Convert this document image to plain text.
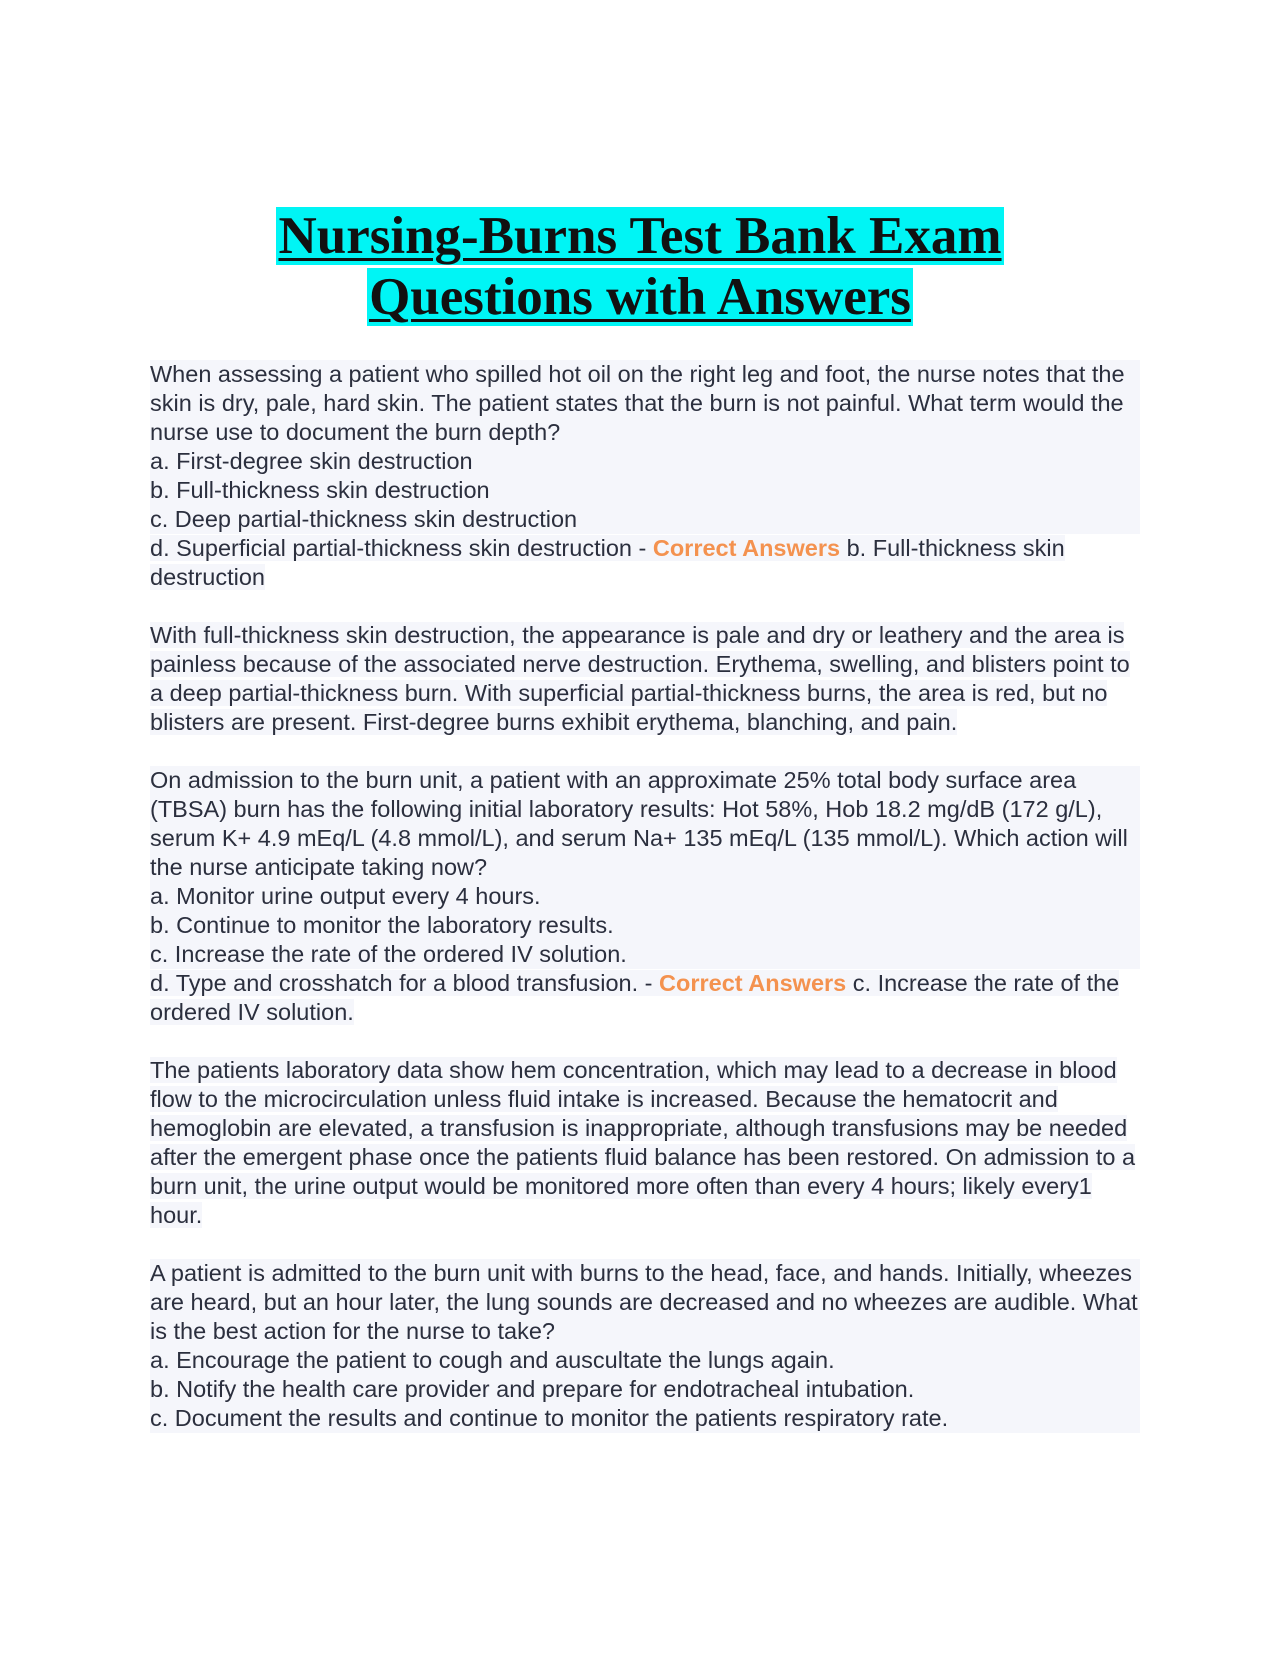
Nursing-Burns Test Bank Exam
Questions with Answers
When assessing a patient who spilled hot oil on the right leg and foot, the nurse notes that the skin is dry, pale, hard skin. The patient states that the burn is not painful. What term would the nurse use to document the burn depth?
a. First-degree skin destruction
b. Full-thickness skin destruction
c. Deep partial-thickness skin destruction
d. Superficial partial-thickness skin destruction - Correct Answers b. Full-thickness skin destruction
With full-thickness skin destruction, the appearance is pale and dry or leathery and the area is painless because of the associated nerve destruction. Erythema, swelling, and blisters point to a deep partial-thickness burn. With superficial partial-thickness burns, the area is red, but no blisters are present. First-degree burns exhibit erythema, blanching, and pain.
On admission to the burn unit, a patient with an approximate 25% total body surface area (TBSA) burn has the following initial laboratory results: Hot 58%, Hob 18.2 mg/dB (172 g/L), serum K+ 4.9 mEq/L (4.8 mmol/L), and serum Na+ 135 mEq/L (135 mmol/L). Which action will the nurse anticipate taking now?
a. Monitor urine output every 4 hours.
b. Continue to monitor the laboratory results.
c. Increase the rate of the ordered IV solution.
d. Type and crosshatch for a blood transfusion. - Correct Answers c. Increase the rate of the ordered IV solution.
The patients laboratory data show hem concentration, which may lead to a decrease in blood flow to the microcirculation unless fluid intake is increased. Because the hematocrit and hemoglobin are elevated, a transfusion is inappropriate, although transfusions may be needed after the emergent phase once the patients fluid balance has been restored. On admission to a burn unit, the urine output would be monitored more often than every 4 hours; likely every1 hour.
A patient is admitted to the burn unit with burns to the head, face, and hands. Initially, wheezes are heard, but an hour later, the lung sounds are decreased and no wheezes are audible. What is the best action for the nurse to take?
a. Encourage the patient to cough and auscultate the lungs again.
b. Notify the health care provider and prepare for endotracheal intubation.
c. Document the results and continue to monitor the patients respiratory rate.
